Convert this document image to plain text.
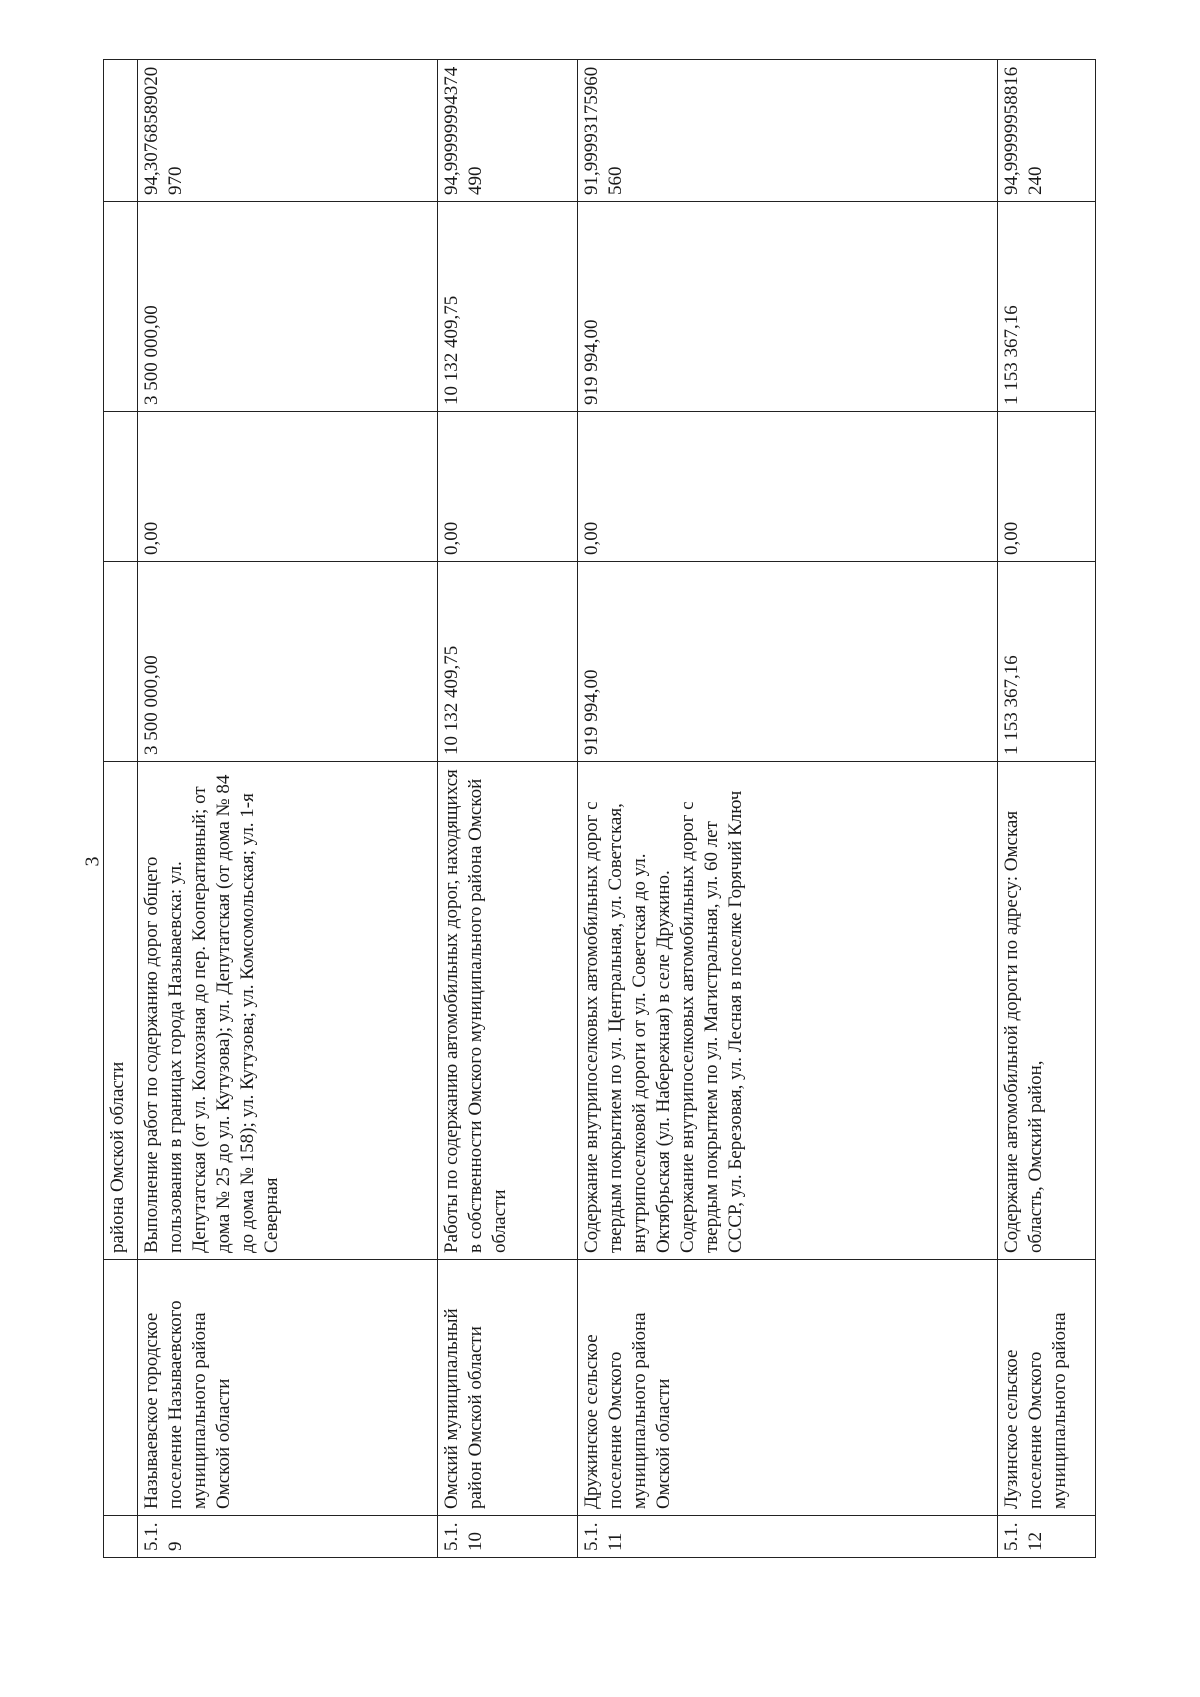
3
		района Омской области				
5.1.9	Называевское городское поселение Называевского муниципального района Омской области	Выполнение работ по содержанию дорог общего пользования в границах города Называевска: ул. Депутатская (от ул. Колхозная до пер. Кооперативный; от дома № 25 до ул. Кутузова); ул. Депутатская (от дома № 84 до дома № 158); ул. Кутузова; ул. Комсомольская; ул. 1-я Северная	3 500 000,00	0,00	3 500 000,00	94,30768589020970
5.1.10	Омский муниципальный район Омской области	Работы по содержанию автомобильных дорог, находящихся в собственности Омского муниципального района Омской области	10 132 409,75	0,00	10 132 409,75	94,99999994374490
5.1.11	Дружинское сельское поселение Омского муниципального района Омской области	Содержание внутрипоселковых автомобильных дорог с твердым покрытием по ул. Центральная, ул. Советская, внутрипоселковой дороги от ул. Советская до ул. Октябрьская (ул. Набережная) в селе Дружино. Содержание внутрипоселковых автомобильных дорог с твердым покрытием по ул. Магистральная, ул. 60 лет СССР, ул. Березовая, ул. Лесная в поселке Горячий Ключ	919 994,00	0,00	919 994,00	91,99993175960560
5.1.12	Лузинское сельское поселение Омского муниципального района	Содержание автомобильной дороги по адресу: Омская область, Омский район,	1 153 367,16	0,00	1 153 367,16	94,99999958816240
